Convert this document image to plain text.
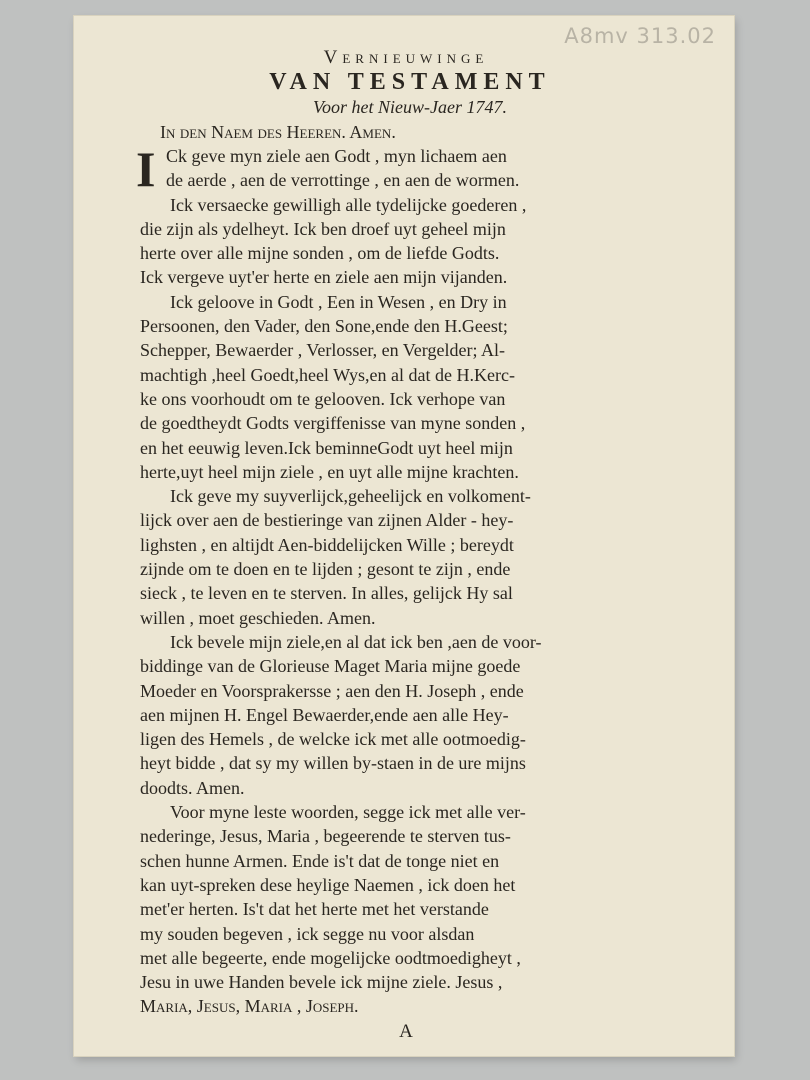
A8mv 313.02
Vernieuwinge
VAN TESTAMENT
Voor het Nieuw-Jaer 1747.
In den Naem des Heeren. Amen.
I Ck geve myn ziele aen Godt , myn lichaem aen
de aerde , aen de verrottinge , en aen de wormen.
Ick versaecke gewilligh alle tydelijcke goederen ,
die zijn als ydelheyt. Ick ben droef uyt geheel mijn
herte over alle mijne sonden , om de liefde Godts.
Ick vergeve uyt'er herte en ziele aen mijn vijanden.
Ick geloove in Godt , Een in Wesen , en Dry in
Persoonen, den Vader, den Sone,ende den H.Geest;
Schepper, Bewaerder , Verlosser, en Vergelder; Al-
machtigh ,heel Goedt,heel Wys,en al dat de H.Kerc-
ke ons voorhoudt om te gelooven. Ick verhope van
de goedtheydt Godts vergiffenisse van myne sonden ,
en het eeuwig leven.Ick beminneGodt uyt heel mijn
herte,uyt heel mijn ziele , en uyt alle mijne krachten.
Ick geve my suyverlijck,geheelijck en volkoment-
lijck over aen de bestieringe van zijnen Alder - hey-
lighsten , en altijdt Aen-biddelijcken Wille ; bereydt
zijnde om te doen en te lijden ; gesont te zijn , ende
sieck , te leven en te sterven. In alles, gelijck Hy sal
willen , moet geschieden. Amen.
Ick bevele mijn ziele,en al dat ick ben ,aen de voor-
biddinge van de Glorieuse Maget Maria mijne goede
Moeder en Voorsprakersse ; aen den H. Joseph , ende
aen mijnen H. Engel Bewaerder,ende aen alle Hey-
ligen des Hemels , de welcke ick met alle ootmoedig-
heyt bidde , dat sy my willen by-staen in de ure mijns
doodts. Amen.
Voor myne leste woorden, segge ick met alle ver-
nederinge, Jesus, Maria , begeerende te sterven tus-
schen hunne Armen. Ende is't dat de tonge niet en
kan uyt-spreken dese heylige Naemen , ick doen het
met'er herten. Is't dat het herte met het verstande
my souden begeven , ick segge nu voor alsdan
met alle begeerte, ende mogelijcke oodtmoedigheyt ,
Jesu in uwe Handen bevele ick mijne ziele. Jesus ,
Maria, Jesus, Maria , Joseph.
A
